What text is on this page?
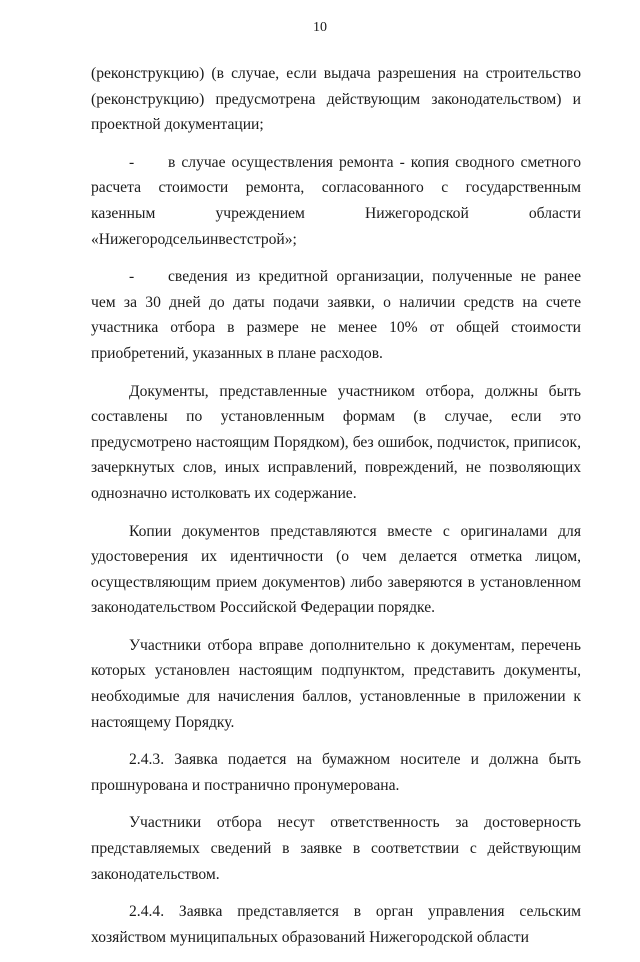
10

(реконструкцию) (в случае, если выдача разрешения на строительство (реконструкцию) предусмотрена действующим законодательством) и проектной документации;

-	в случае осуществления ремонта - копия сводного сметного расчета стоимости ремонта, согласованного с государственным казенным учреждением Нижегородской области «Нижегородсельинвестстрой»;

-	сведения из кредитной организации, полученные не ранее чем за 30 дней до даты подачи заявки, о наличии средств на счете участника отбора в размере не менее 10% от общей стоимости приобретений, указанных в плане расходов.

Документы, представленные участником отбора, должны быть составлены по установленным формам (в случае, если это предусмотрено настоящим Порядком), без ошибок, подчисток, приписок, зачеркнутых слов, иных исправлений, повреждений, не позволяющих однозначно истолковать их содержание.

Копии документов представляются вместе с оригиналами для удостоверения их идентичности (о чем делается отметка лицом, осуществляющим прием документов) либо заверяются в установленном законодательством Российской Федерации порядке.

Участники отбора вправе дополнительно к документам, перечень которых установлен настоящим подпунктом, представить документы, необходимые для начисления баллов, установленные в приложении к настоящему Порядку.

2.4.3. Заявка подается на бумажном носителе и должна быть прошнурована и постранично пронумерована.

Участники отбора несут ответственность за достоверность представляемых сведений в заявке в соответствии с действующим законодательством.

2.4.4. Заявка представляется в орган управления сельским хозяйством муниципальных образований Нижегородской области
